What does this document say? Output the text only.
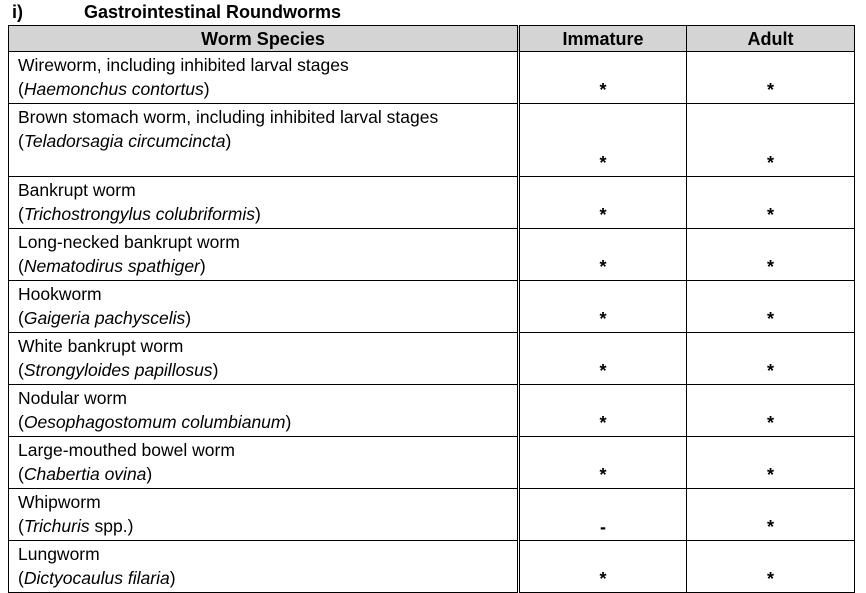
i)	Gastrointestinal Roundworms
Worm Species	Immature	Adult

Wireworm, including inhibited larval stages
(Haemonchus contortus)	*	*

Brown stomach worm, including inhibited larval stages
(Teladorsagia circumcincta)	*	*

Bankrupt worm
(Trichostrongylus colubriformis)	*	*

Long-necked bankrupt worm
(Nematodirus spathiger)	*	*

Hookworm
(Gaigeria pachyscelis)	*	*

White bankrupt worm
(Strongyloides papillosus)	*	*

Nodular worm
(Oesophagostomum columbianum)	*	*

Large-mouthed bowel worm
(Chabertia ovina)	*	*

Whipworm
(Trichuris spp.)	-	*

Lungworm
(Dictyocaulus filaria)	*	*
